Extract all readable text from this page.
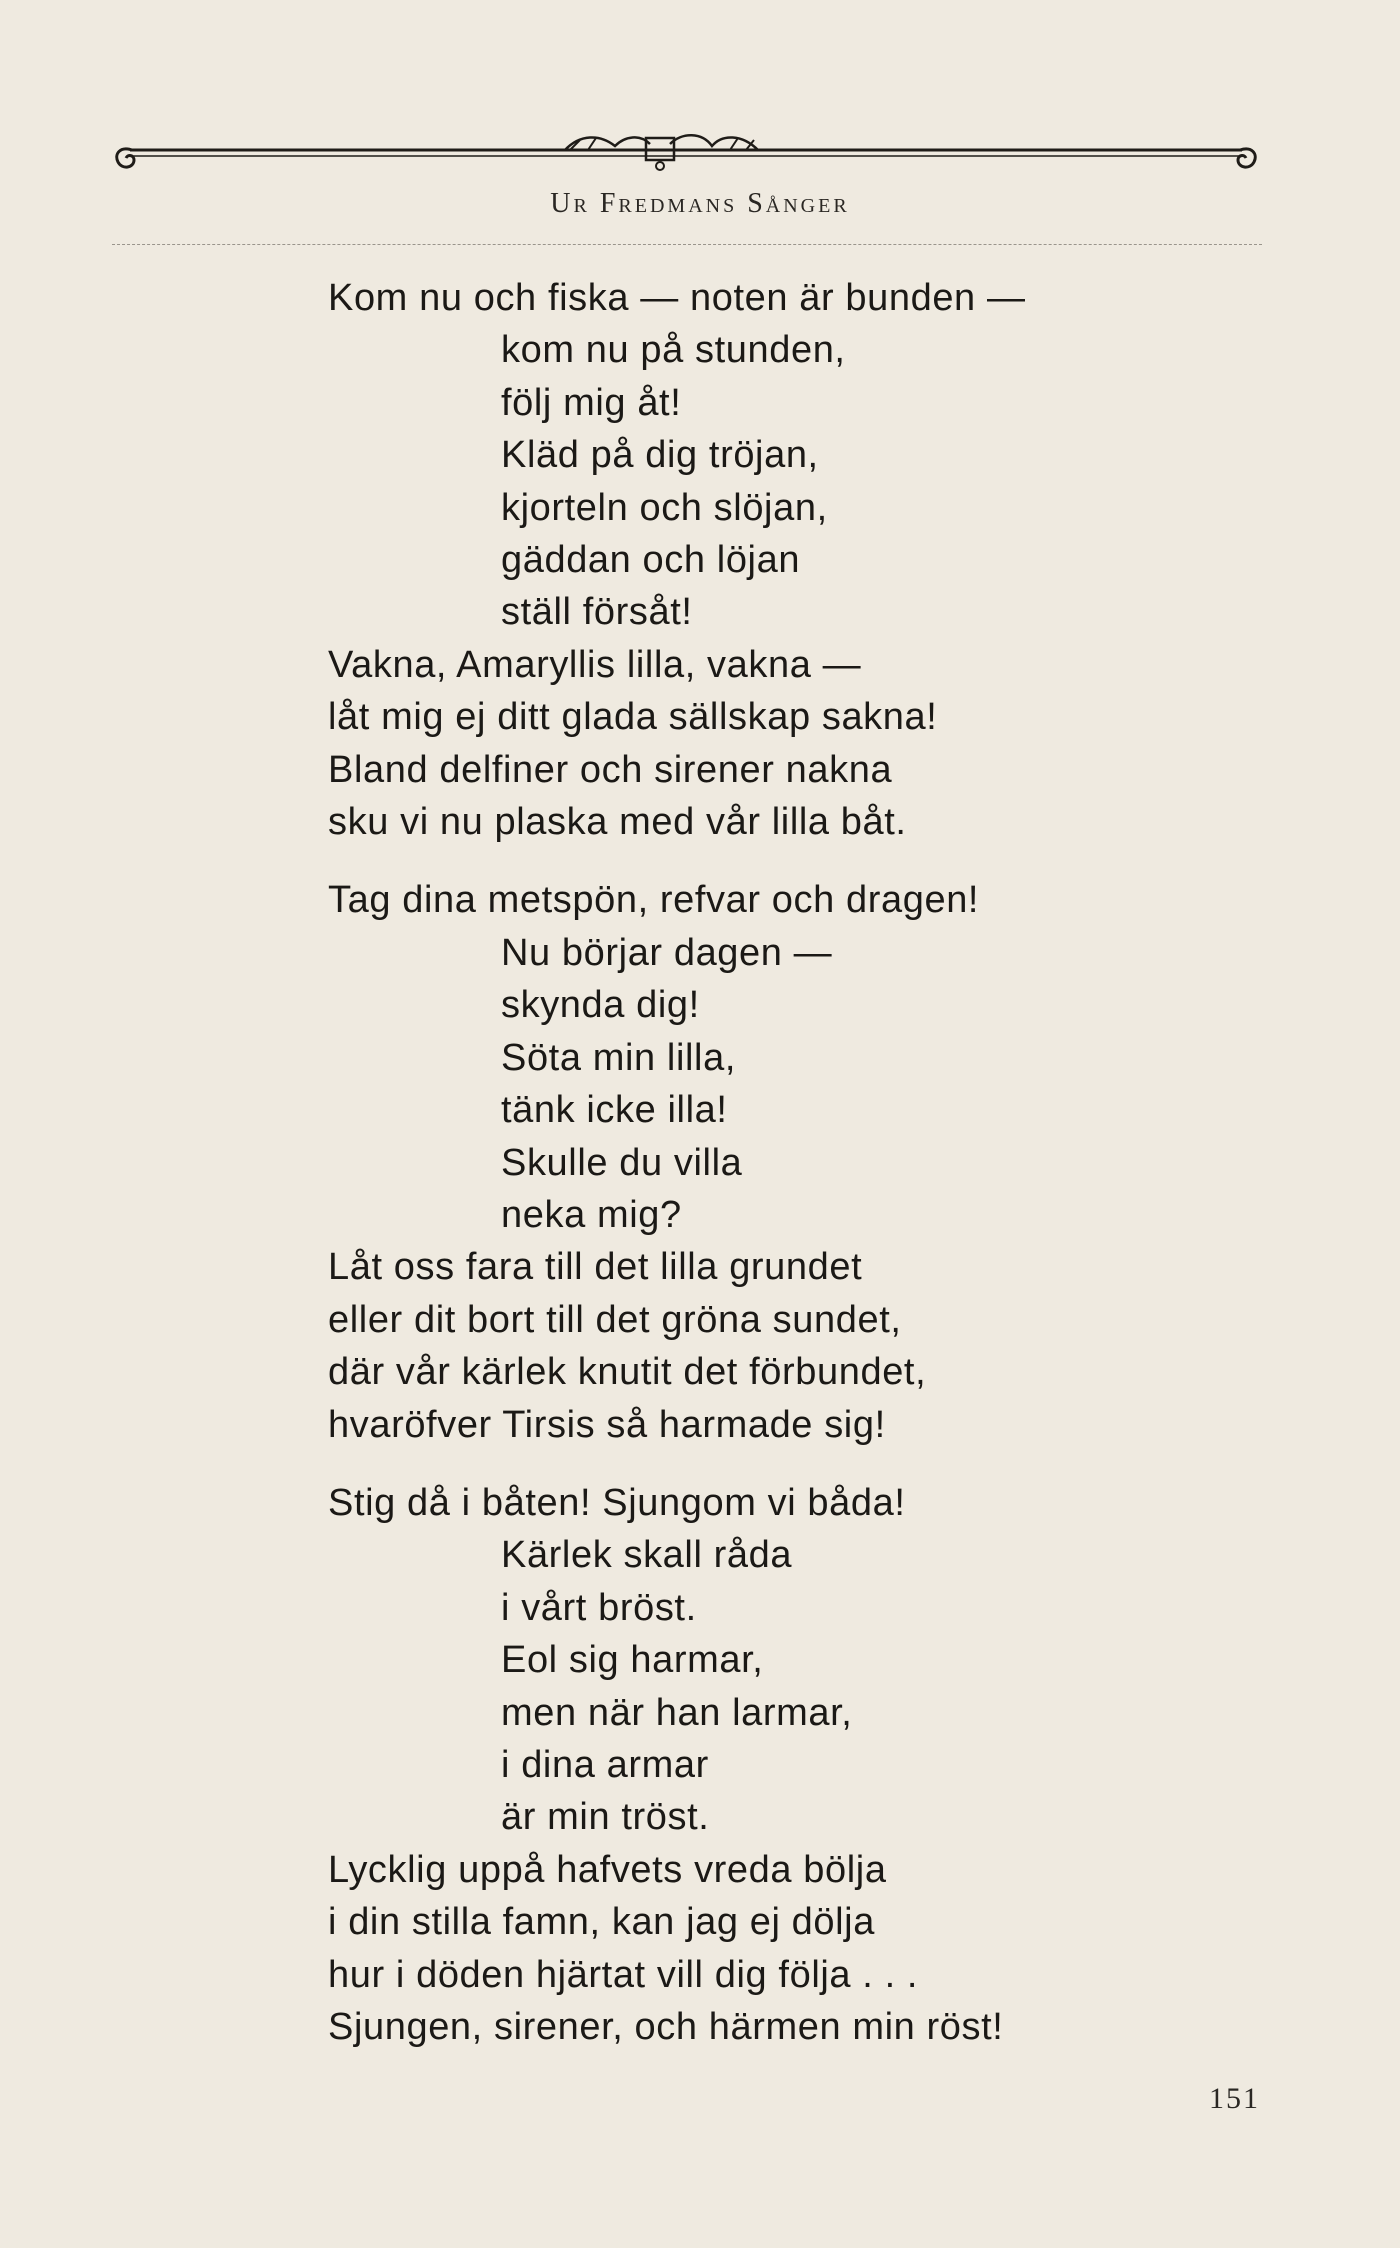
Ur Fredmans Sånger
Kom nu och fiska — noten är bunden —
kom nu på stunden,
följ mig åt!
Kläd på dig tröjan,
kjorteln och slöjan,
gäddan och löjan
ställ försåt!
Vakna, Amaryllis lilla, vakna —
låt mig ej ditt glada sällskap sakna!
Bland delfiner och sirener nakna
sku vi nu plaska med vår lilla båt.
Tag dina metspön, refvar och dragen!
Nu börjar dagen —
skynda dig!
Söta min lilla,
tänk icke illa!
Skulle du villa
neka mig?
Låt oss fara till det lilla grundet
eller dit bort till det gröna sundet,
där vår kärlek knutit det förbundet,
hvaröfver Tirsis så harmade sig!
Stig då i båten! Sjungom vi båda!
Kärlek skall råda
i vårt bröst.
Eol sig harmar,
men när han larmar,
i dina armar
är min tröst.
Lycklig uppå hafvets vreda bölja
i din stilla famn, kan jag ej dölja
hur i döden hjärtat vill dig följa . . .
Sjungen, sirener, och härmen min röst!
151
